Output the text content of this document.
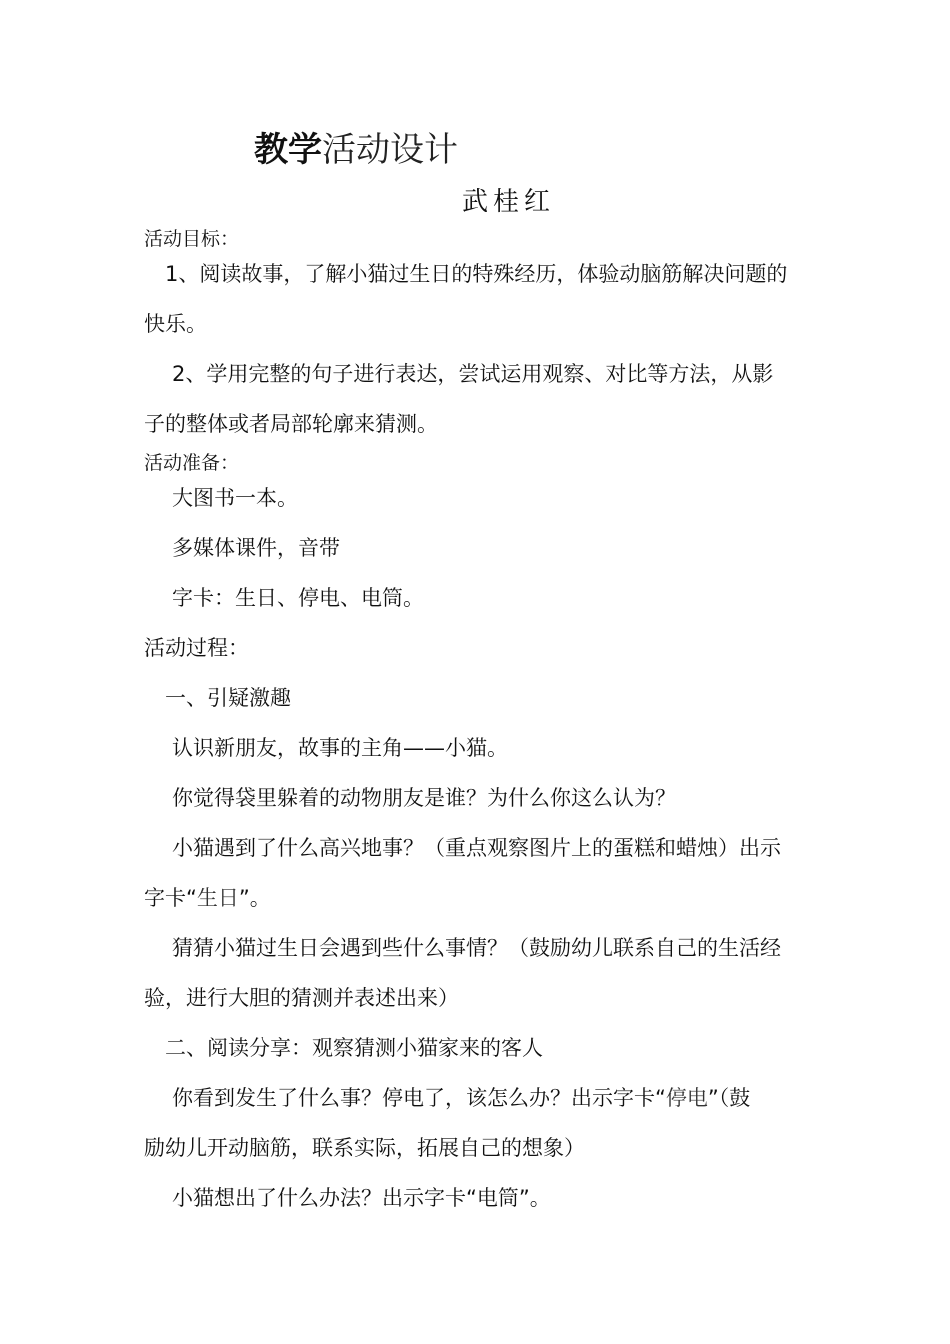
教学活动设计
武桂红
活动目标：
1、阅读故事，了解小猫过生日的特殊经历，体验动脑筋解决问题的
快乐。
2、学用完整的句子进行表达，尝试运用观察、对比等方法，从影
子的整体或者局部轮廓来猜测。
活动准备：
大图书一本。
多媒体课件，音带
字卡：生日、停电、电筒。
活动过程：
一、引疑激趣
认识新朋友，故事的主角——小猫。
你觉得袋里躲着的动物朋友是谁？为什么你这么认为？
小猫遇到了什么高兴地事？（重点观察图片上的蛋糕和蜡烛）出示
字卡“生日”。
猜猜小猫过生日会遇到些什么事情？（鼓励幼儿联系自己的生活经
验，进行大胆的猜测并表述出来）
二、阅读分享：观察猜测小猫家来的客人
你看到发生了什么事？停电了，该怎么办？出示字卡“停电”（鼓
励幼儿开动脑筋，联系实际，拓展自己的想象）
小猫想出了什么办法？出示字卡“电筒”。
